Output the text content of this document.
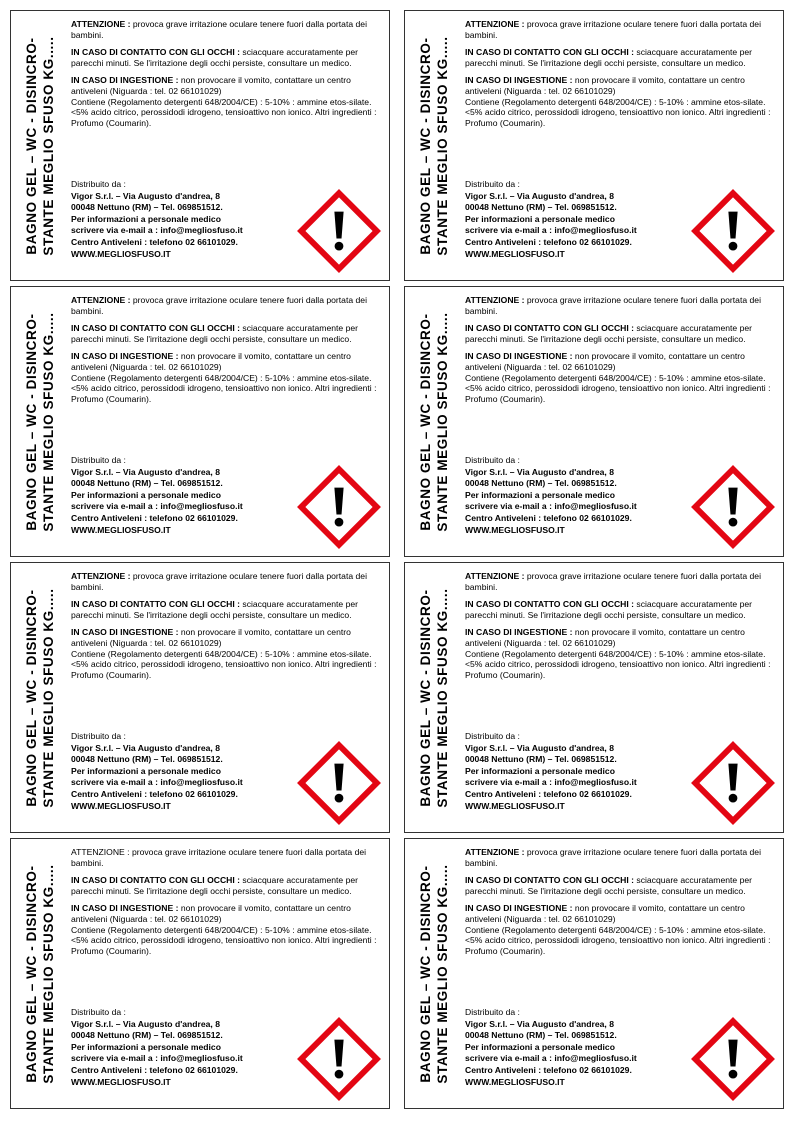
BAGNO GEL – WC - DISINCRO- STANTE MEGLIO SFUSO KG.....

ATTENZIONE : provoca grave irritazione oculare tenere fuori dalla portata dei bambini.

IN CASO DI CONTATTO CON GLI OCCHI : sciacquare accuratamente per parecchi minuti. Se l'irritazione degli occhi persiste, consultare un medico.

IN CASO DI INGESTIONE : non provocare il vomito, contattare un centro antiveleni (Niguarda : tel. 02 66101029)

Contiene (Regolamento detergenti 648/2004/CE) : 5-10% : ammine etos-silate. <5% acido citrico, perossidodi idrogeno, tensioattivo non ionico. Altri ingredienti : Profumo (Coumarin).

Distribuito da :
Vigor S.r.l. – Via Augusto d'andrea, 8
00048 Nettuno (RM) – Tel. 069851512.
Per informazioni a personale medico
scrivere via e-mail a : info@megliosfuso.it
Centro Antiveleni : telefono 02 66101029.
WWW.MEGLIOSFUSO.IT	BAGNO GEL – WC - DISINCRO- STANTE MEGLIO SFUSO KG.....

ATTENZIONE : provoca grave irritazione oculare tenere fuori dalla portata dei bambini.

IN CASO DI CONTATTO CON GLI OCCHI : sciacquare accuratamente per parecchi minuti. Se l'irritazione degli occhi persiste, consultare un medico.

IN CASO DI INGESTIONE : non provocare il vomito, contattare un centro antiveleni (Niguarda : tel. 02 66101029)

Contiene (Regolamento detergenti 648/2004/CE) : 5-10% : ammine etos-silate. <5% acido citrico, perossidodi idrogeno, tensioattivo non ionico. Altri ingredienti : Profumo (Coumarin).

Distribuito da :
Vigor S.r.l. – Via Augusto d'andrea, 8
00048 Nettuno (RM) – Tel. 069851512.
Per informazioni a personale medico
scrivere via e-mail a : info@megliosfuso.it
Centro Antiveleni : telefono 02 66101029.
WWW.MEGLIOSFUSO.IT
BAGNO GEL – WC - DISINCRO- STANTE MEGLIO SFUSO KG.....

ATTENZIONE : provoca grave irritazione oculare tenere fuori dalla portata dei bambini.

IN CASO DI CONTATTO CON GLI OCCHI : sciacquare accuratamente per parecchi minuti. Se l'irritazione degli occhi persiste, consultare un medico.

IN CASO DI INGESTIONE : non provocare il vomito, contattare un centro antiveleni (Niguarda : tel. 02 66101029)

Contiene (Regolamento detergenti 648/2004/CE) : 5-10% : ammine etos-silate. <5% acido citrico, perossidodi idrogeno, tensioattivo non ionico. Altri ingredienti : Profumo (Coumarin).

Distribuito da :
Vigor S.r.l. – Via Augusto d'andrea, 8
00048 Nettuno (RM) – Tel. 069851512.
Per informazioni a personale medico
scrivere via e-mail a : info@megliosfuso.it
Centro Antiveleni : telefono 02 66101029.
WWW.MEGLIOSFUSO.IT	BAGNO GEL – WC - DISINCRO- STANTE MEGLIO SFUSO KG.....

ATTENZIONE : provoca grave irritazione oculare tenere fuori dalla portata dei bambini.

IN CASO DI CONTATTO CON GLI OCCHI : sciacquare accuratamente per parecchi minuti. Se l'irritazione degli occhi persiste, consultare un medico.

IN CASO DI INGESTIONE : non provocare il vomito, contattare un centro antiveleni (Niguarda : tel. 02 66101029)

Contiene (Regolamento detergenti 648/2004/CE) : 5-10% : ammine etos-silate. <5% acido citrico, perossidodi idrogeno, tensioattivo non ionico. Altri ingredienti : Profumo (Coumarin).

Distribuito da :
Vigor S.r.l. – Via Augusto d'andrea, 8
00048 Nettuno (RM) – Tel. 069851512.
Per informazioni a personale medico
scrivere via e-mail a : info@megliosfuso.it
Centro Antiveleni : telefono 02 66101029.
WWW.MEGLIOSFUSO.IT
BAGNO GEL – WC - DISINCRO- STANTE MEGLIO SFUSO KG.....

ATTENZIONE : provoca grave irritazione oculare tenere fuori dalla portata dei bambini.

IN CASO DI CONTATTO CON GLI OCCHI : sciacquare accuratamente per parecchi minuti. Se l'irritazione degli occhi persiste, consultare un medico.

IN CASO DI INGESTIONE : non provocare il vomito, contattare un centro antiveleni (Niguarda : tel. 02 66101029)

Contiene (Regolamento detergenti 648/2004/CE) : 5-10% : ammine etos-silate. <5% acido citrico, perossidodi idrogeno, tensioattivo non ionico. Altri ingredienti : Profumo (Coumarin).

Distribuito da :
Vigor S.r.l. – Via Augusto d'andrea, 8
00048 Nettuno (RM) – Tel. 069851512.
Per informazioni a personale medico
scrivere via e-mail a : info@megliosfuso.it
Centro Antiveleni : telefono 02 66101029.
WWW.MEGLIOSFUSO.IT	BAGNO GEL – WC - DISINCRO- STANTE MEGLIO SFUSO KG.....

ATTENZIONE : provoca grave irritazione oculare tenere fuori dalla portata dei bambini.

IN CASO DI CONTATTO CON GLI OCCHI : sciacquare accuratamente per parecchi minuti. Se l'irritazione degli occhi persiste, consultare un medico.

IN CASO DI INGESTIONE : non provocare il vomito, contattare un centro antiveleni (Niguarda : tel. 02 66101029)

Contiene (Regolamento detergenti 648/2004/CE) : 5-10% : ammine etos-silate. <5% acido citrico, perossidodi idrogeno, tensioattivo non ionico. Altri ingredienti : Profumo (Coumarin).

Distribuito da :
Vigor S.r.l. – Via Augusto d'andrea, 8
00048 Nettuno (RM) – Tel. 069851512.
Per informazioni a personale medico
scrivere via e-mail a : info@megliosfuso.it
Centro Antiveleni : telefono 02 66101029.
WWW.MEGLIOSFUSO.IT
BAGNO GEL – WC - DISINCRO- STANTE MEGLIO SFUSO KG.....

ATTENZIONE : provoca grave irritazione oculare tenere fuori dalla portata dei bambini.

IN CASO DI CONTATTO CON GLI OCCHI : sciacquare accuratamente per parecchi minuti. Se l'irritazione degli occhi persiste, consultare un medico.

IN CASO DI INGESTIONE : non provocare il vomito, contattare un centro antiveleni (Niguarda : tel. 02 66101029)

Contiene (Regolamento detergenti 648/2004/CE) : 5-10% : ammine etos-silate. <5% acido citrico, perossidodi idrogeno, tensioattivo non ionico. Altri ingredienti : Profumo (Coumarin).

Distribuito da :
Vigor S.r.l. – Via Augusto d'andrea, 8
00048 Nettuno (RM) – Tel. 069851512.
Per informazioni a personale medico
scrivere via e-mail a : info@megliosfuso.it
Centro Antiveleni : telefono 02 66101029.
WWW.MEGLIOSFUSO.IT	BAGNO GEL – WC - DISINCRO- STANTE MEGLIO SFUSO KG.....

ATTENZIONE : provoca grave irritazione oculare tenere fuori dalla portata dei bambini.

IN CASO DI CONTATTO CON GLI OCCHI : sciacquare accuratamente per parecchi minuti. Se l'irritazione degli occhi persiste, consultare un medico.

IN CASO DI INGESTIONE : non provocare il vomito, contattare un centro antiveleni (Niguarda : tel. 02 66101029)

Contiene (Regolamento detergenti 648/2004/CE) : 5-10% : ammine etos-silate. <5% acido citrico, perossidodi idrogeno, tensioattivo non ionico. Altri ingredienti : Profumo (Coumarin).

Distribuito da :
Vigor S.r.l. – Via Augusto d'andrea, 8
00048 Nettuno (RM) – Tel. 069851512.
Per informazioni a personale medico
scrivere via e-mail a : info@megliosfuso.it
Centro Antiveleni : telefono 02 66101029.
WWW.MEGLIOSFUSO.IT
